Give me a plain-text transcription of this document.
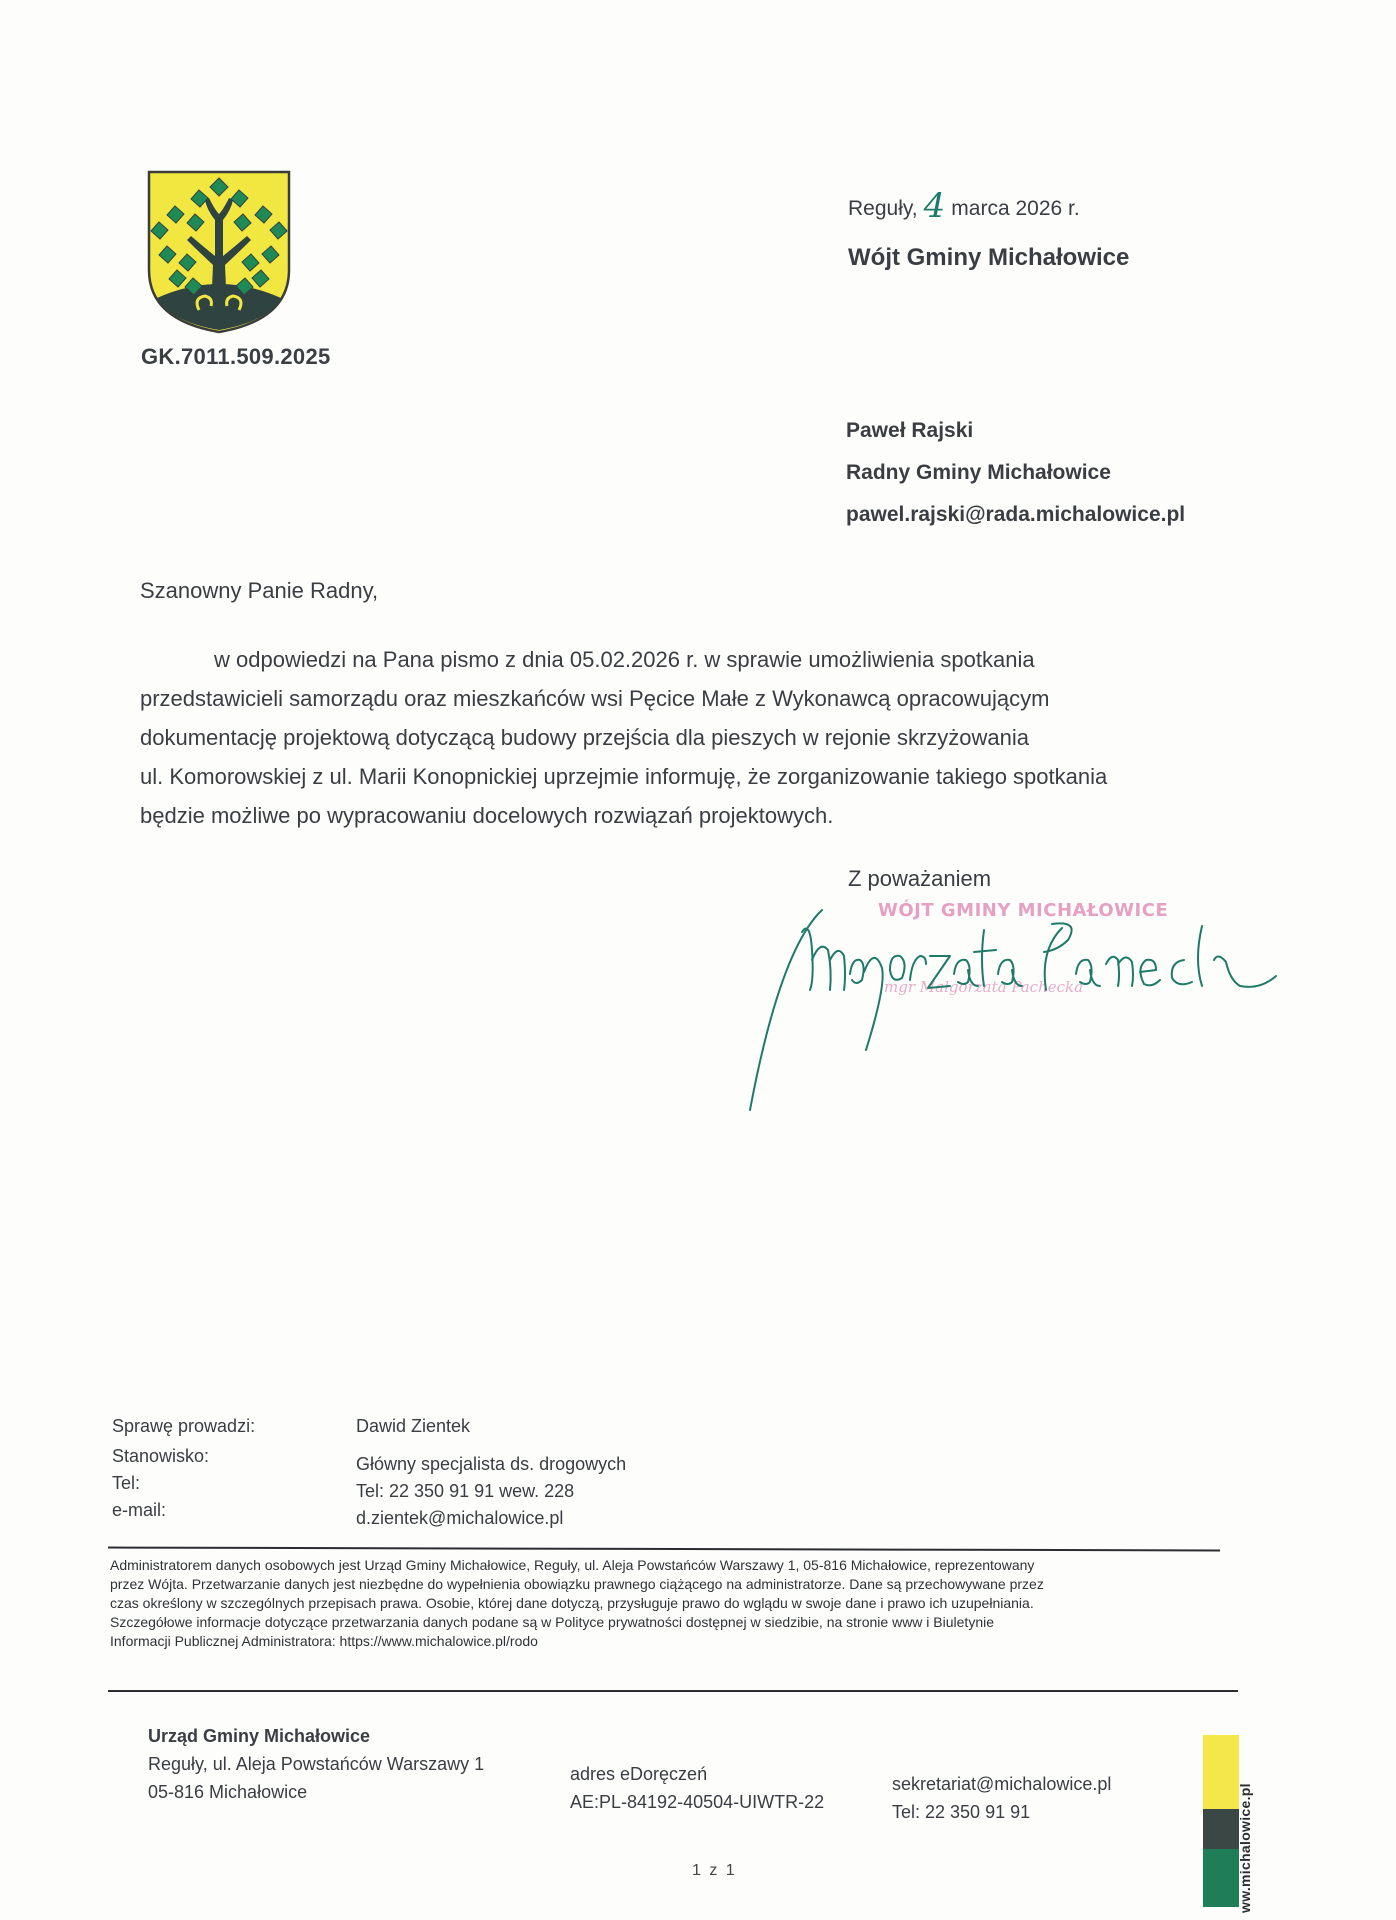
GK.7011.509.2025
Reguły, 4 marca 2026 r.
Wójt Gminy Michałowice
Paweł Rajski
Radny Gminy Michałowice
pawel.rajski@rada.michalowice.pl
Szanowny Panie Radny,

w odpowiedzi na Pana pismo z dnia 05.02.2026 r. w sprawie umożliwienia spotkania

przedstawicieli samorządu oraz mieszkańców wsi Pęcice Małe z Wykonawcą opracowującym

dokumentację projektową dotyczącą budowy przejścia dla pieszych w rejonie skrzyżowania

ul. Komorowskiej z ul. Marii Konopnickiej uprzejmie informuję, że zorganizowanie takiego spotkania

będzie możliwe po wypracowaniu docelowych rozwiązań projektowych.

Z poważaniem
WÓJT GMINY MICHAŁOWICE
mgr Małgorzata Pachecka
Sprawę prowadzi:	Dawid Zientek
Stanowisko:	Główny specjalista ds. drogowych
Tel:	Tel: 22 350 91 91 wew. 228
e-mail:	d.zientek@michalowice.pl
Administratorem danych osobowych jest Urząd Gminy Michałowice, Reguły, ul. Aleja Powstańców Warszawy 1, 05-816 Michałowice, reprezentowany
przez Wójta. Przetwarzanie danych jest niezbędne do wypełnienia obowiązku prawnego ciążącego na administratorze. Dane są przechowywane przez
czas określony w szczególnych przepisach prawa. Osobie, której dane dotyczą, przysługuje prawo do wglądu w swoje dane i prawo ich uzupełniania.
Szczegółowe informacje dotyczące przetwarzania danych podane są w Polityce prywatności dostępnej w siedzibie, na stronie www i Biuletynie
Informacji Publicznej Administratora: https://www.michalowice.pl/rodo
Urząd Gminy Michałowice
Reguły, ul. Aleja Powstańców Warszawy 1
05-816 Michałowice
adres eDoręczeń
AE:PL-84192-40504-UIWTR-22
sekretariat@michalowice.pl
Tel: 22 350 91 91	ww.michalowice.pl
1 z 1
